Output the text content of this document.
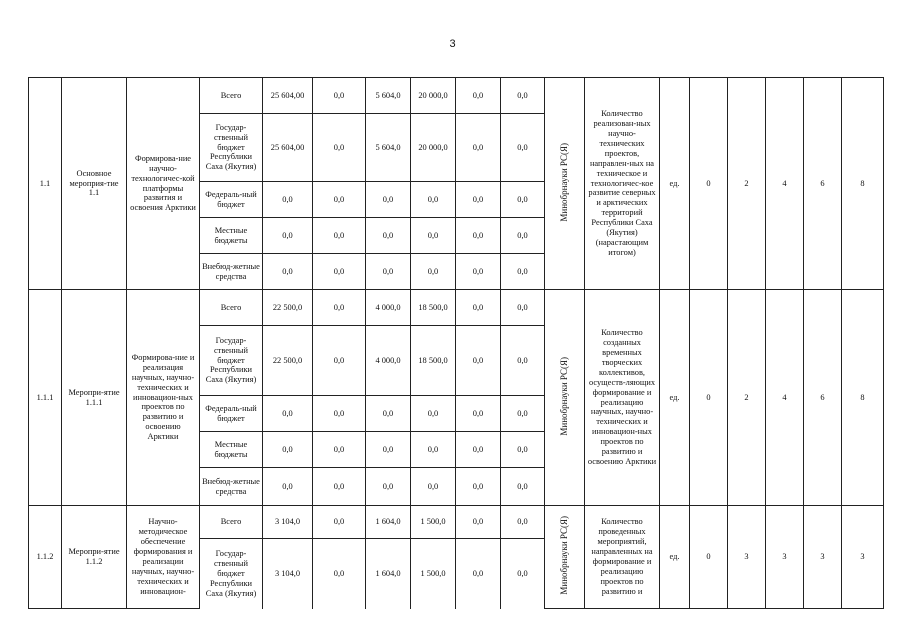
3
1.1	Основное мероприя-тие 1.1	Формирова-ние научно-технологичес-кой платформы развития и освоения Арктики	Всего	25 604,00	0,0	5 604,0	20 000,0	0,0	0,0	Минобрнауки РС(Я)	Количество реализован-ных научно-технических проектов, направлен-ных на техническое и технологичес-кое развитие северных и арктических территорий Республики Саха (Якутия) (нарастающим итогом)	ед.	0	2	4	6	8
			Государ-ственный бюджет Республики Саха (Якутия)	25 604,00	0,0	5 604,0	20 000,0	0,0	0,0								
			Федераль-ный бюджет	0,0	0,0	0,0	0,0	0,0	0,0								
			Местные бюджеты	0,0	0,0	0,0	0,0	0,0	0,0								
			Внебюд-жетные средства	0,0	0,0	0,0	0,0	0,0	0,0								
1.1.1	Меропри-ятие 1.1.1	Формирова-ние и реализация научных, научно-технических и инновацион-ных проектов по развитию и освоению Арктики	Всего	22 500,0	0,0	4 000,0	18 500,0	0,0	0,0	Минобрнауки РС(Я)	Количество созданных временных творческих коллективов, осуществ-ляющих формирование и реализацию научных, научно-технических и инновацион-ных проектов по развитию и освоению Арктики	ед.	0	2	4	6	8
			Государ-ственный бюджет Республики Саха (Якутия)	22 500,0	0,0	4 000,0	18 500,0	0,0	0,0								
			Федераль-ный бюджет	0,0	0,0	0,0	0,0	0,0	0,0								
			Местные бюджеты	0,0	0,0	0,0	0,0	0,0	0,0								
			Внебюд-жетные средства	0,0	0,0	0,0	0,0	0,0	0,0								
1.1.2	Меропри-ятие 1.1.2	Научно-методическое обеспечение формирования и реализации научных, научно-технических и инновацион-	Всего	3 104,0	0,0	1 604,0	1 500,0	0,0	0,0	Минобрнауки РС(Я)	Количество проведенных мероприятий, направленных на формирование и реализацию проектов по развитию и	ед.	0	3	3	3	3
			Государ-ственный бюджет Республики Саха (Якутия)	3 104,0	0,0	1 604,0	1 500,0	0,0	0,0								
